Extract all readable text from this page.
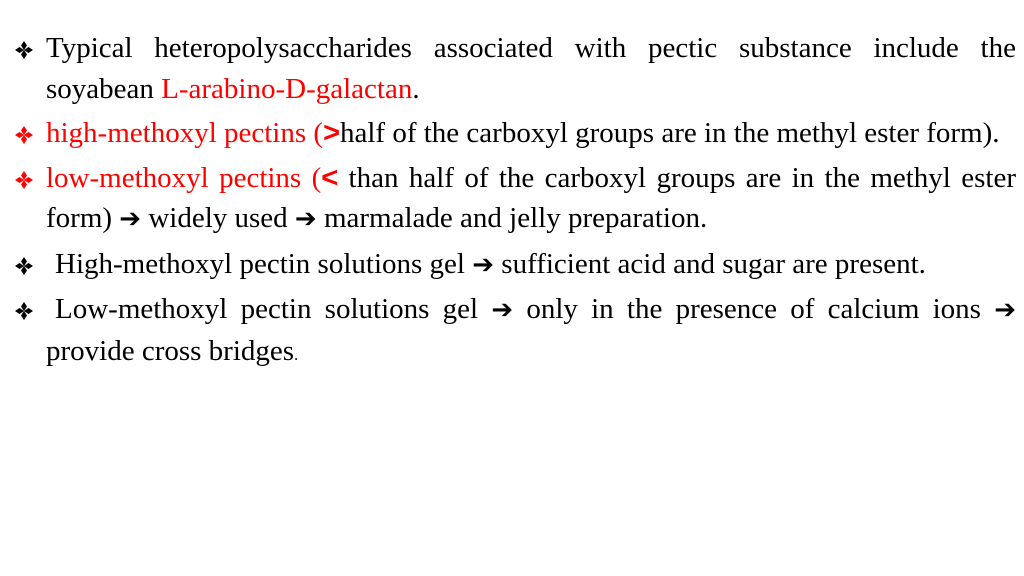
Typical heteropolysaccharides associated with pectic substance include the soyabean L-arabino-D-galactan.
high-methoxyl pectins (>half of the carboxyl groups are in the methyl ester form).
low-methoxyl pectins (< than half of the carboxyl groups are in the methyl ester form) ➔ widely used ➔ marmalade and jelly preparation.
High-methoxyl pectin solutions gel ➔ sufficient acid and sugar are present.
Low-methoxyl pectin solutions gel ➔ only in the presence of calcium ions ➔ provide cross bridges.
